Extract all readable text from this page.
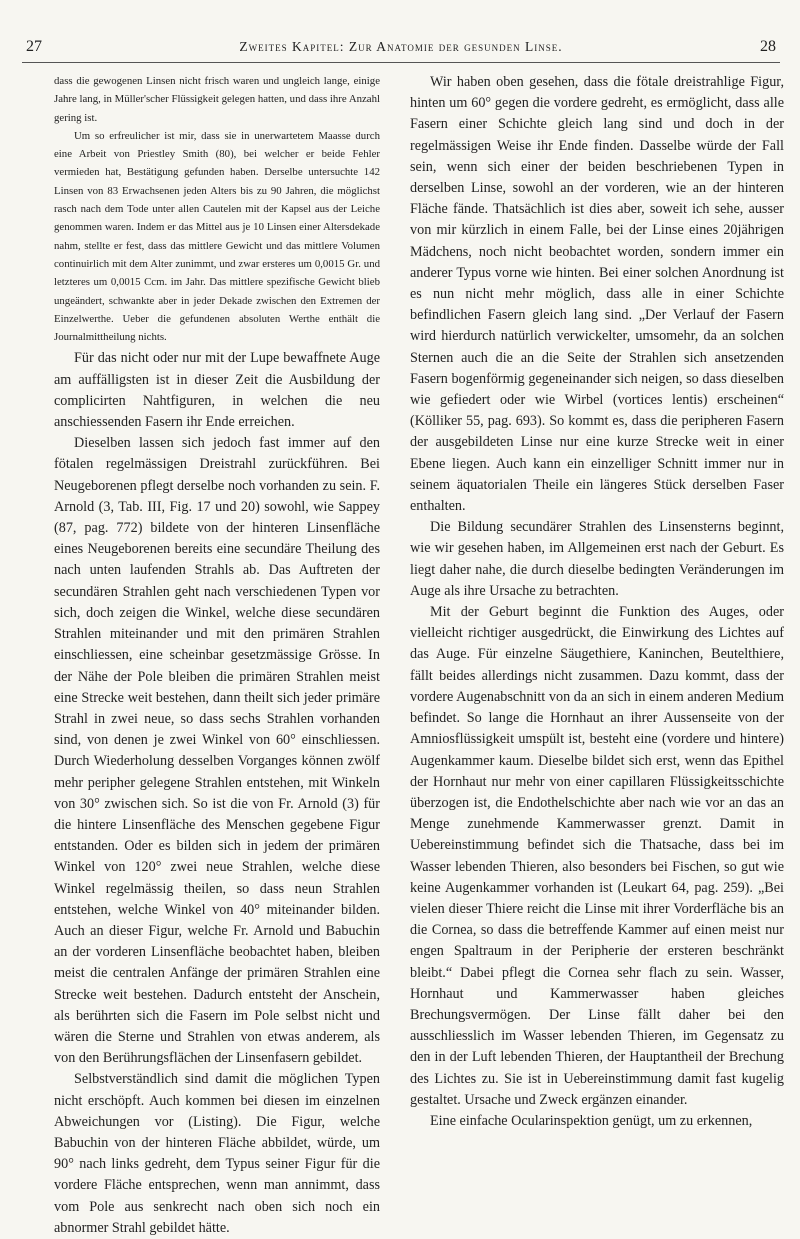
27	Zweites Kapitel: Zur Anatomie der gesunden Linse.	28

dass die gewogenen Linsen nicht frisch waren und ungleich lange, einige Jahre lang, in Müller'scher Flüssigkeit gelegen hatten, und dass ihre Anzahl gering ist.

Um so erfreulicher ist mir, dass sie in unerwartetem Maasse durch eine Arbeit von Priestley Smith (80), bei welcher er beide Fehler vermieden hat, Bestätigung gefunden haben. Derselbe untersuchte 142 Linsen von 83 Erwachsenen jeden Alters bis zu 90 Jahren, die möglichst rasch nach dem Tode unter allen Cautelen mit der Kapsel aus der Leiche genommen waren. Indem er das Mittel aus je 10 Linsen einer Altersdekade nahm, stellte er fest, dass das mittlere Gewicht und das mittlere Volumen continuirlich mit dem Alter zunimmt, und zwar ersteres um 0,0015 Gr. und letzteres um 0,0015 Ccm. im Jahr. Das mittlere spezifische Gewicht blieb ungeändert, schwankte aber in jeder Dekade zwischen den Extremen der Einzelwerthe. Ueber die gefundenen absoluten Werthe enthält die Journalmittheilung nichts.

Für das nicht oder nur mit der Lupe bewaffnete Auge am auffälligsten ist in dieser Zeit die Ausbildung der complicirten Nahtfiguren, in welchen die neu anschiessenden Fasern ihr Ende erreichen.

Dieselben lassen sich jedoch fast immer auf den fötalen regelmässigen Dreistrahl zurückführen. Bei Neugeborenen pflegt derselbe noch vorhanden zu sein. F. Arnold (3, Tab. III, Fig. 17 und 20) sowohl, wie Sappey (87, pag. 772) bildete von der hinteren Linsenfläche eines Neugeborenen bereits eine secundäre Theilung des nach unten laufenden Strahls ab. Das Auftreten der secundären Strahlen geht nach verschiedenen Typen vor sich, doch zeigen die Winkel, welche diese secundären Strahlen miteinander und mit den primären Strahlen einschliessen, eine scheinbar gesetzmässige Grösse. In der Nähe der Pole bleiben die primären Strahlen meist eine Strecke weit bestehen, dann theilt sich jeder primäre Strahl in zwei neue, so dass sechs Strahlen vorhanden sind, von denen je zwei Winkel von 60° einschliessen. Durch Wiederholung desselben Vorganges können zwölf mehr peripher gelegene Strahlen entstehen, mit Winkeln von 30° zwischen sich. So ist die von Fr. Arnold (3) für die hintere Linsenfläche des Menschen gegebene Figur entstanden. Oder es bilden sich in jedem der primären Winkel von 120° zwei neue Strahlen, welche diese Winkel regelmässig theilen, so dass neun Strahlen entstehen, welche Winkel von 40° miteinander bilden. Auch an dieser Figur, welche Fr. Arnold und Babuchin an der vorderen Linsenfläche beobachtet haben, bleiben meist die centralen Anfänge der primären Strahlen eine Strecke weit bestehen. Dadurch entsteht der Anschein, als berührten sich die Fasern im Pole selbst nicht und wären die Sterne und Strahlen von etwas anderem, als von den Berührungsflächen der Linsenfasern gebildet.

Selbstverständlich sind damit die möglichen Typen nicht erschöpft. Auch kommen bei diesen im einzelnen Abweichungen vor (Listing). Die Figur, welche Babuchin von der hinteren Fläche abbildet, würde, um 90° nach links gedreht, dem Typus seiner Figur für die vordere Fläche entsprechen, wenn man annimmt, dass vom Pole aus senkrecht nach oben sich noch ein abnormer Strahl gebildet hätte.

Wir haben oben gesehen, dass die fötale dreistrahlige Figur, hinten um 60° gegen die vordere gedreht, es ermöglicht, dass alle Fasern einer Schichte gleich lang sind und doch in der regelmässigen Weise ihr Ende finden. Dasselbe würde der Fall sein, wenn sich einer der beiden beschriebenen Typen in derselben Linse, sowohl an der vorderen, wie an der hinteren Fläche fände. Thatsächlich ist dies aber, soweit ich sehe, ausser von mir kürzlich in einem Falle, bei der Linse eines 20jährigen Mädchens, noch nicht beobachtet worden, sondern immer ein anderer Typus vorne wie hinten. Bei einer solchen Anordnung ist es nun nicht mehr möglich, dass alle in einer Schichte befindlichen Fasern gleich lang sind. „Der Verlauf der Fasern wird hierdurch natürlich verwickelter, umsomehr, da an solchen Sternen auch die an die Seite der Strahlen sich ansetzenden Fasern bogenförmig gegeneinander sich neigen, so dass dieselben wie gefiedert oder wie Wirbel (vortices lentis) erscheinen“ (Kölliker 55, pag. 693). So kommt es, dass die peripheren Fasern der ausgebildeten Linse nur eine kurze Strecke weit in einer Ebene liegen. Auch kann ein einzelliger Schnitt immer nur in seinem äquatorialen Theile ein längeres Stück derselben Faser enthalten.

Die Bildung secundärer Strahlen des Linsensterns beginnt, wie wir gesehen haben, im Allgemeinen erst nach der Geburt. Es liegt daher nahe, die durch dieselbe bedingten Veränderungen im Auge als ihre Ursache zu betrachten.

Mit der Geburt beginnt die Funktion des Auges, oder vielleicht richtiger ausgedrückt, die Einwirkung des Lichtes auf das Auge. Für einzelne Säugethiere, Kaninchen, Beutelthiere, fällt beides allerdings nicht zusammen. Dazu kommt, dass der vordere Augenabschnitt von da an sich in einem anderen Medium befindet. So lange die Hornhaut an ihrer Aussenseite von der Amniosflüssigkeit umspült ist, besteht eine (vordere und hintere) Augenkammer kaum. Dieselbe bildet sich erst, wenn das Epithel der Hornhaut nur mehr von einer capillaren Flüssigkeitsschichte überzogen ist, die Endothelschichte aber nach wie vor an das an Menge zunehmende Kammerwasser grenzt. Damit in Uebereinstimmung befindet sich die Thatsache, dass bei im Wasser lebenden Thieren, also besonders bei Fischen, so gut wie keine Augenkammer vorhanden ist (Leukart 64, pag. 259). „Bei vielen dieser Thiere reicht die Linse mit ihrer Vorderfläche bis an die Cornea, so dass die betreffende Kammer auf einen meist nur engen Spaltraum in der Peripherie der ersteren beschränkt bleibt.“ Dabei pflegt die Cornea sehr flach zu sein. Wasser, Hornhaut und Kammerwasser haben gleiches Brechungsvermögen. Der Linse fällt daher bei den ausschliesslich im Wasser lebenden Thieren, im Gegensatz zu den in der Luft lebenden Thieren, der Hauptantheil der Brechung des Lichtes zu. Sie ist in Uebereinstimmung damit fast kugelig gestaltet. Ursache und Zweck ergänzen einander.

Eine einfache Ocularinspektion genügt, um zu erkennen,
